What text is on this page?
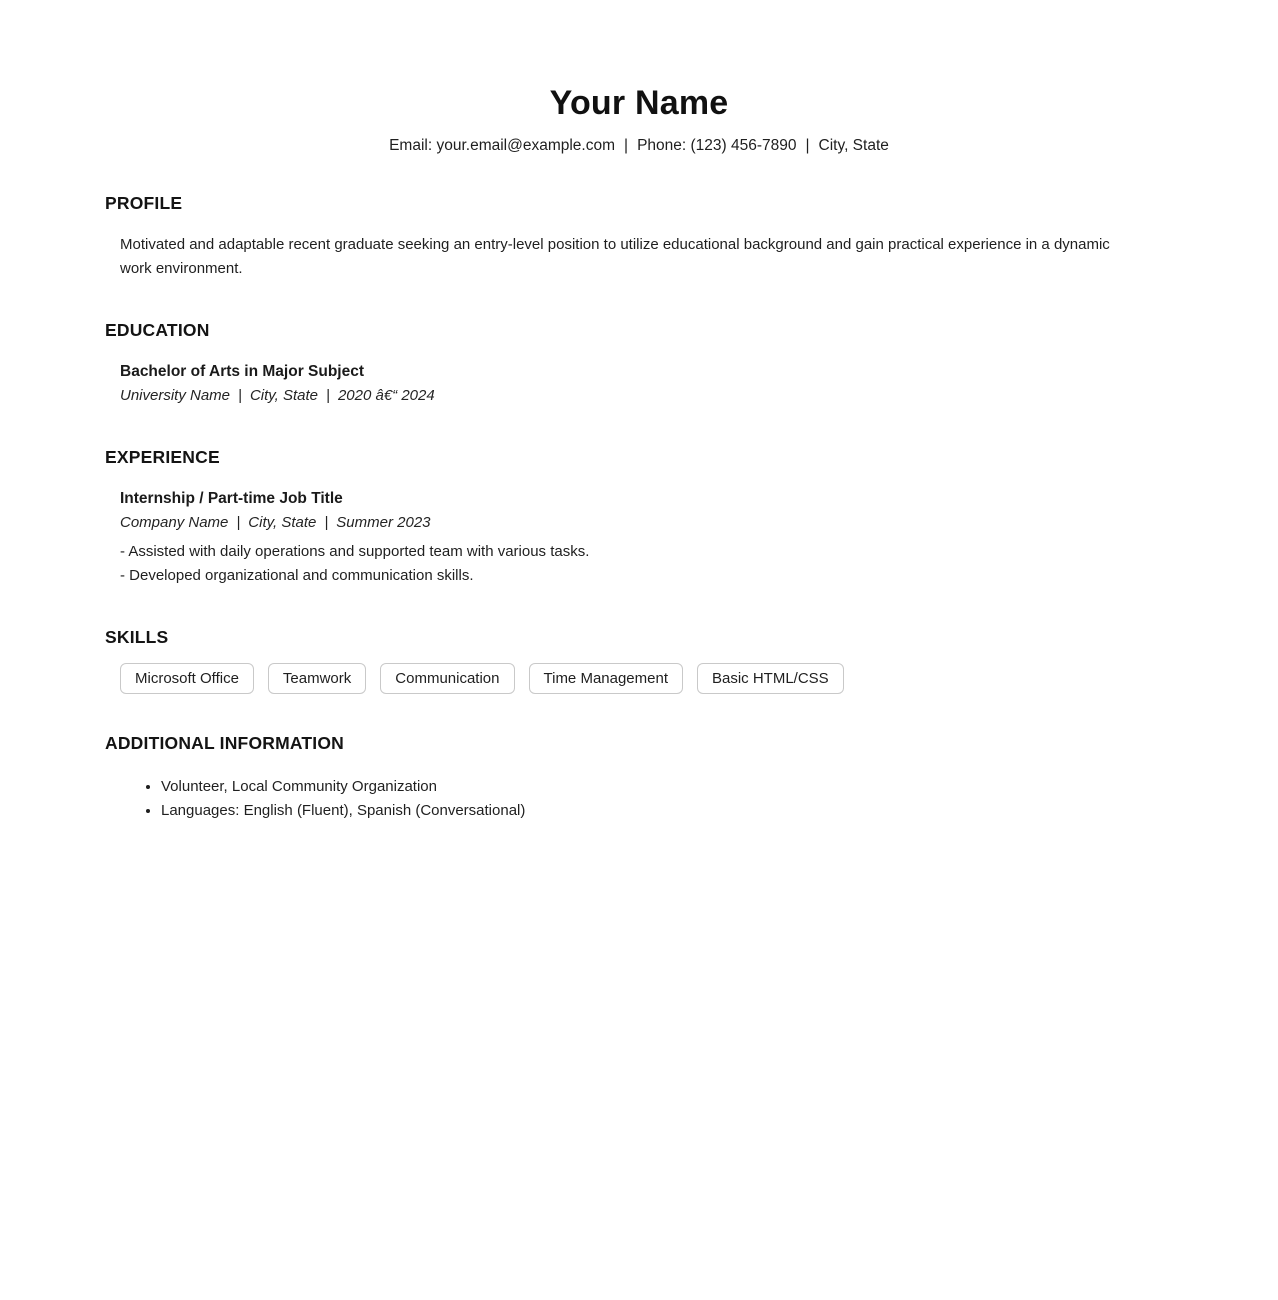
Your Name
Email: your.email@example.com | Phone: (123) 456-7890 | City, State
PROFILE

Motivated and adaptable recent graduate seeking an entry-level position to utilize educational background and gain practical experience in a dynamic work environment.

EDUCATION
Bachelor of Arts in Major Subject
University Name | City, State | 2020 â€“ 2024
EXPERIENCE
Internship / Part-time Job Title
Company Name | City, State | Summer 2023
- Assisted with daily operations and supported team with various tasks.
- Developed organizational and communication skills.
SKILLS
Microsoft Office	Teamwork	Communication	Time Management	Basic HTML/CSS
ADDITIONAL INFORMATION
• Volunteer, Local Community Organization
• Languages: English (Fluent), Spanish (Conversational)
